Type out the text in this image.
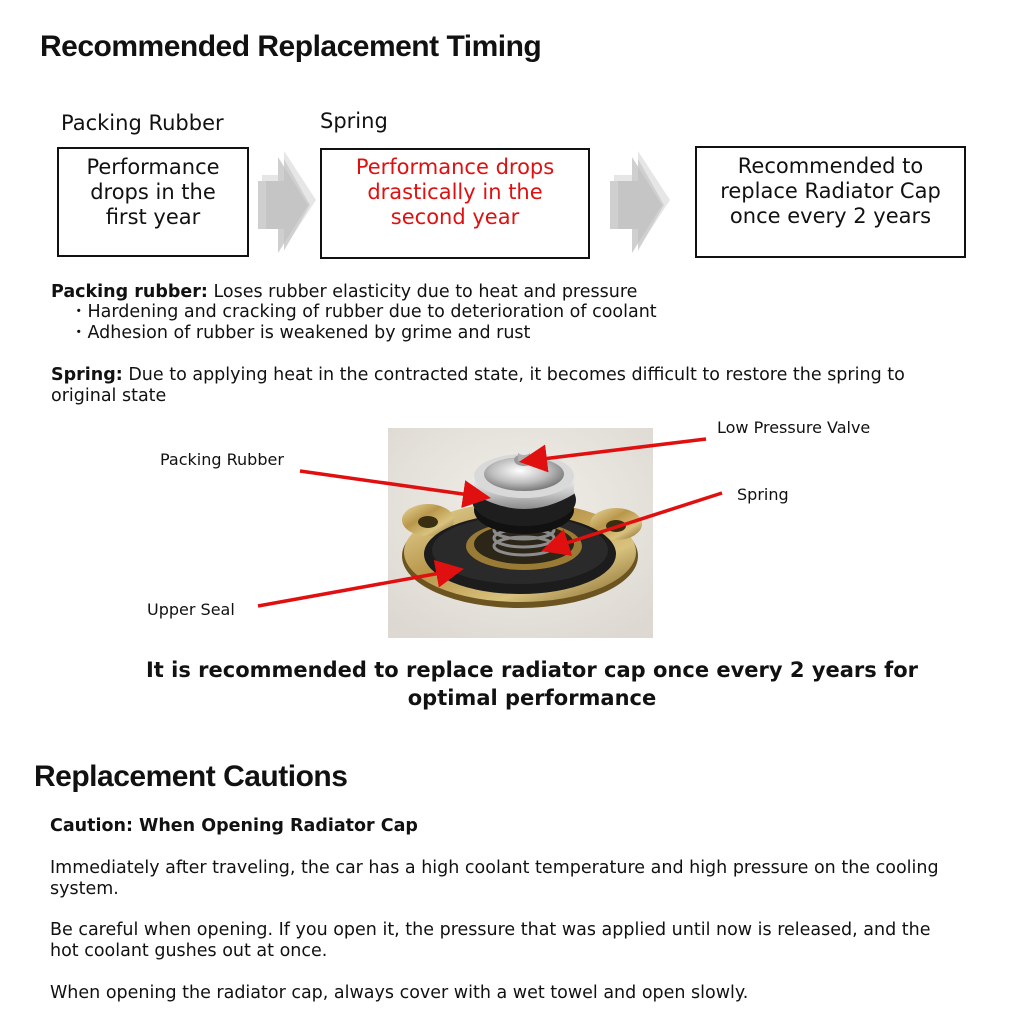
Recommended Replacement Timing
Packing Rubber	Spring
Performance
drops in the
first year
Performance drops
drastically in the
second year
Recommended to
replace Radiator Cap
once every 2 years
Packing rubber: Loses rubber elasticity due to heat and pressure
・Hardening and cracking of rubber due to deterioration of coolant
・Adhesion of rubber is weakened by grime and rust
Spring: Due to applying heat in the contracted state, it becomes difficult to restore the spring to original state
Low Pressure Valve
Packing Rubber
Spring
Upper Seal
It is recommended to replace radiator cap once every 2 years for
optimal performance
Replacement Cautions
Caution: When Opening Radiator Cap
Immediately after traveling, the car has a high coolant temperature and high pressure on the cooling system.
Be careful when opening. If you open it, the pressure that was applied until now is released, and the hot coolant gushes out at once.
When opening the radiator cap, always cover with a wet towel and open slowly.
